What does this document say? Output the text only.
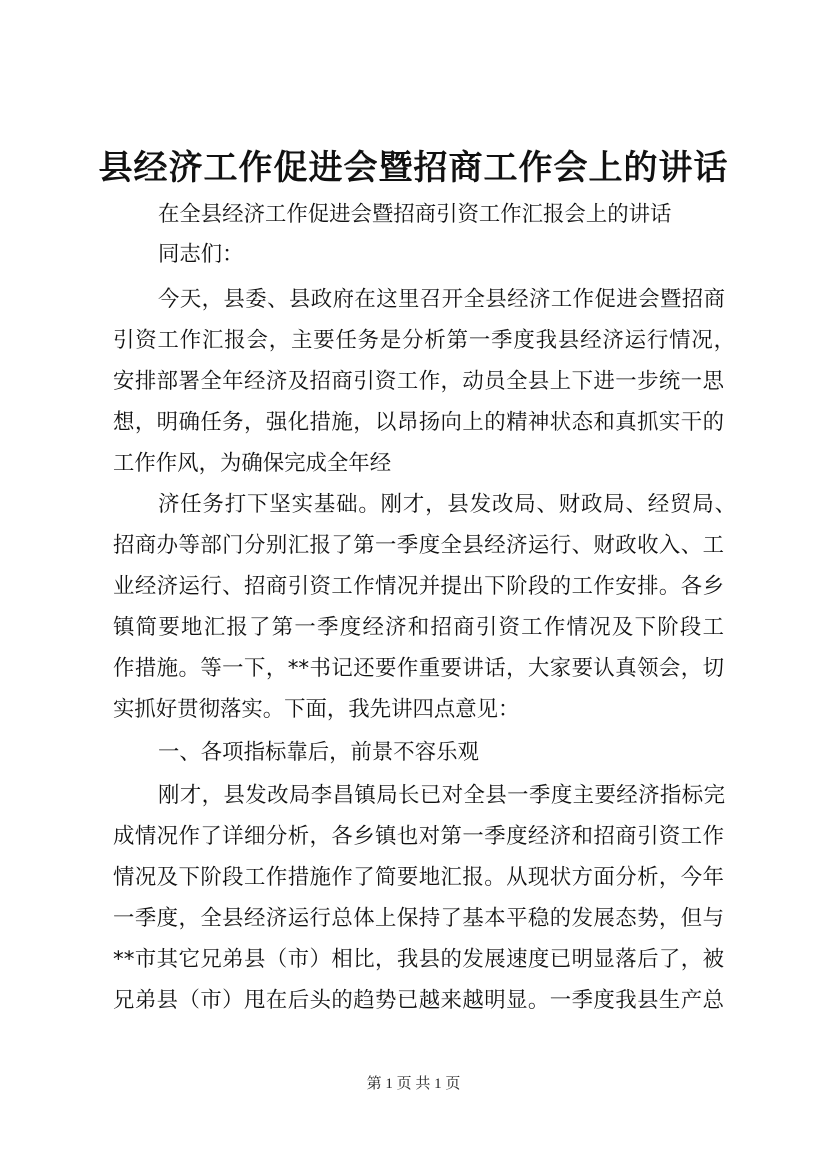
县经济工作促进会暨招商工作会上的讲话
在全县经济工作促进会暨招商引资工作汇报会上的讲话
同志们：
今天，县委、县政府在这里召开全县经济工作促进会暨招商
引资工作汇报会，主要任务是分析第一季度我县经济运行情况，
安排部署全年经济及招商引资工作，动员全县上下进一步统一思
想，明确任务，强化措施，以昂扬向上的精神状态和真抓实干的
工作作风，为确保完成全年经
济任务打下坚实基础。刚才，县发改局、财政局、经贸局、
招商办等部门分别汇报了第一季度全县经济运行、财政收入、工
业经济运行、招商引资工作情况并提出下阶段的工作安排。各乡
镇简要地汇报了第一季度经济和招商引资工作情况及下阶段工
作措施。等一下，**书记还要作重要讲话，大家要认真领会，切
实抓好贯彻落实。下面，我先讲四点意见：
一、各项指标靠后，前景不容乐观
刚才，县发改局李昌镇局长已对全县一季度主要经济指标完
成情况作了详细分析，各乡镇也对第一季度经济和招商引资工作
情况及下阶段工作措施作了简要地汇报。从现状方面分析，今年
一季度，全县经济运行总体上保持了基本平稳的发展态势，但与
**市其它兄弟县（市）相比，我县的发展速度已明显落后了，被
兄弟县（市）甩在后头的趋势已越来越明显。一季度我县生产总
第 1 页 共 1 页
